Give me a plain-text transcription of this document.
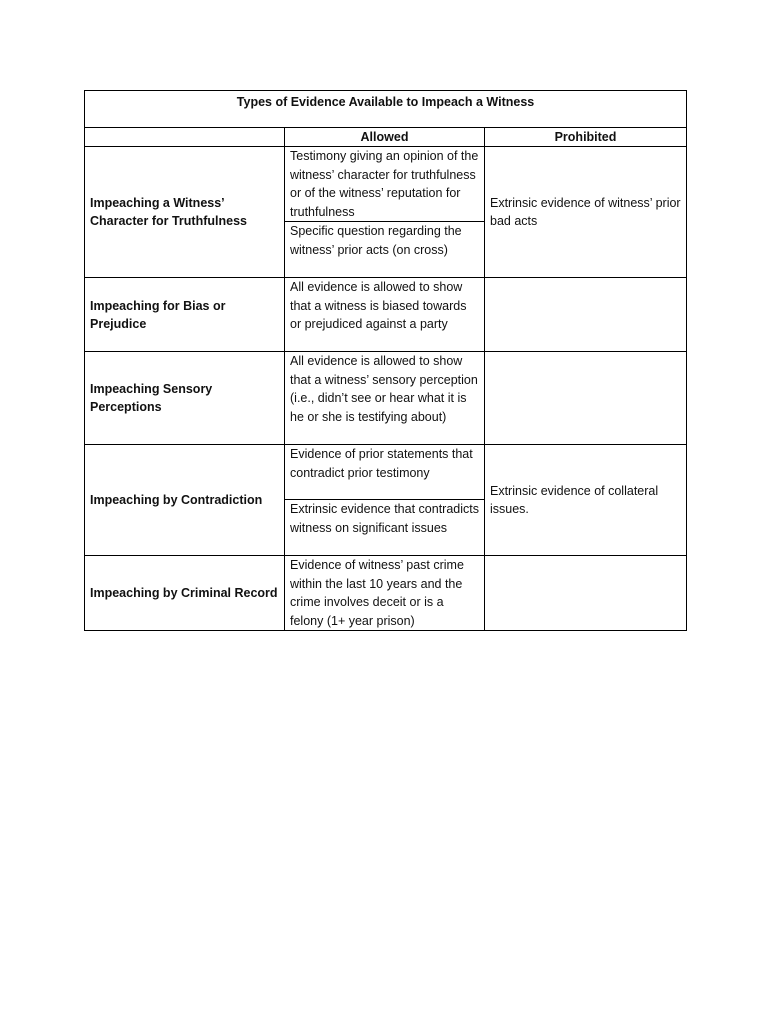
Types of Evidence Available to Impeach a Witness		
	Allowed	Prohibited
Impeaching a Witness’ Character for Truthfulness	Testimony giving an opinion of the witness’ character for truthfulness or of the witness’ reputation for truthfulness	Extrinsic evidence of witness’ prior bad acts
	Specific question regarding the witness’ prior acts (on cross)	
Impeaching for Bias or Prejudice	All evidence is allowed to show that a witness is biased towards or prejudiced against a party	
Impeaching Sensory Perceptions	All evidence is allowed to show that a witness’ sensory perception (i.e., didn’t see or hear what it is he or she is testifying about)	
Impeaching by Contradiction	Evidence of prior statements that contradict prior testimony	Extrinsic evidence of collateral issues.
	Extrinsic evidence that contradicts witness on significant issues	
Impeaching by Criminal Record	Evidence of witness’ past crime within the last 10 years and the crime involves deceit or is a felony (1+ year prison)	
